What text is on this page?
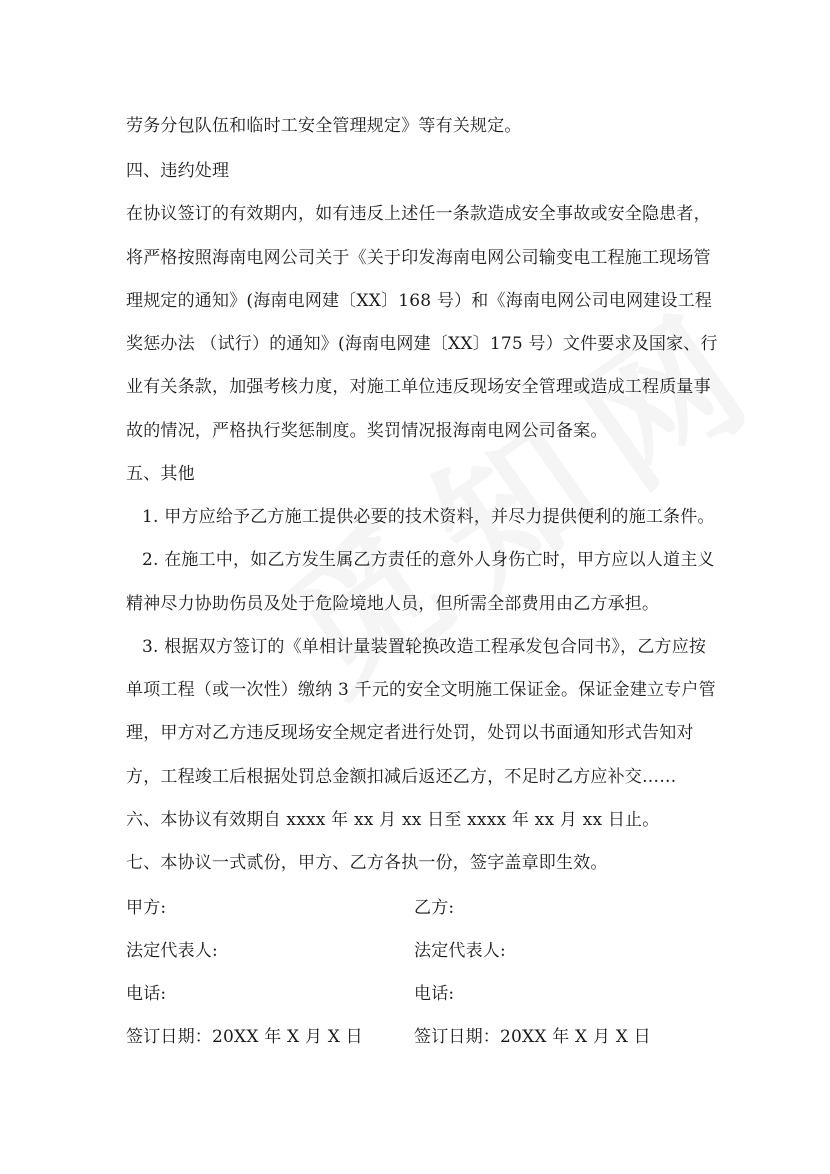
劳务分包队伍和临时工安全管理规定》等有关规定。
四、违约处理
在协议签订的有效期内，如有违反上述任一条款造成安全事故或安全隐患者，
将严格按照海南电网公司关于《关于印发海南电网公司输变电工程施工现场管
理规定的通知》(海南电网建〔XX〕168 号）和《海南电网公司电网建设工程
奖惩办法 （试行）的通知》(海南电网建〔XX〕175 号）文件要求及国家、行
业有关条款，加强考核力度，对施工单位违反现场安全管理或造成工程质量事
故的情况，严格执行奖惩制度。奖罚情况报海南电网公司备案。
五、其他
1. 甲方应给予乙方施工提供必要的技术资料，并尽力提供便利的施工条件。
2. 在施工中，如乙方发生属乙方责任的意外人身伤亡时，甲方应以人道主义
精神尽力协助伤员及处于危险境地人员，但所需全部费用由乙方承担。
3. 根据双方签订的《单相计量装置轮换改造工程承发包合同书》，乙方应按
单项工程（或一次性）缴纳 3 千元的安全文明施工保证金。保证金建立专户管
理，甲方对乙方违反现场安全规定者进行处罚，处罚以书面通知形式告知对
方，工程竣工后根据处罚总金额扣减后返还乙方，不足时乙方应补交……
六、本协议有效期自 xxxx 年 xx 月 xx 日至 xxxx 年 xx 月 xx 日止。
七、本协议一式贰份，甲方、乙方各执一份，签字盖章即生效。
甲方:	乙方:
法定代表人:	法定代表人:
电话:	电话:
签订日期：20XX 年 X 月 X 日	签订日期：20XX 年 X 月 X 日
